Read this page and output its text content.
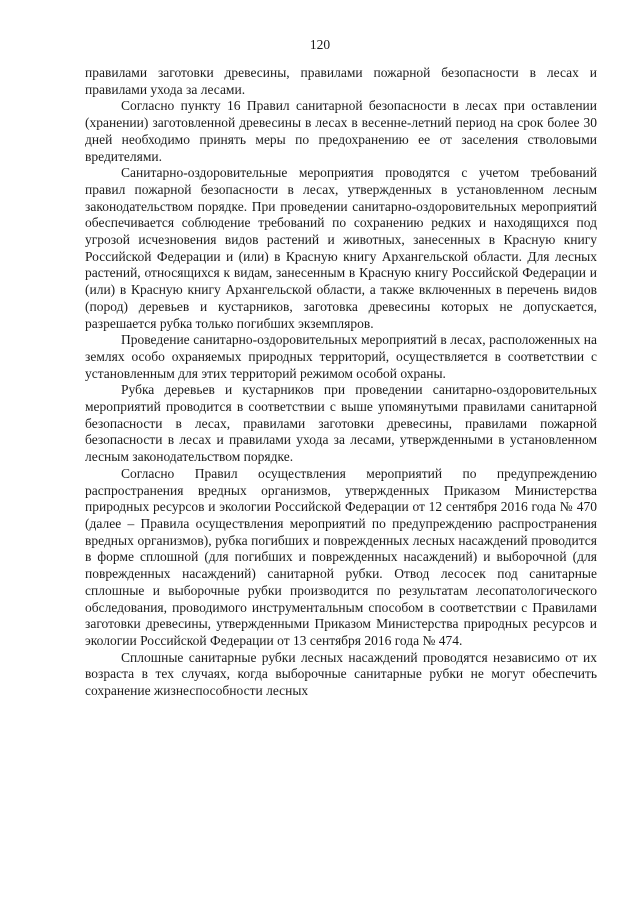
120

правилами заготовки древесины, правилами пожарной безопасности в лесах и правилами ухода за лесами.

Согласно пункту 16 Правил санитарной безопасности в лесах при оставлении (хранении) заготовленной древесины в лесах в весенне-летний период на срок более 30 дней необходимо принять меры по предохранению ее от заселения стволовыми вредителями.

Санитарно-оздоровительные мероприятия проводятся с учетом требований правил пожарной безопасности в лесах, утвержденных в установленном лесным законодательством порядке. При проведении санитарно-оздоровительных мероприятий обеспечивается соблюдение требований по сохранению редких и находящихся под угрозой исчезновения видов растений и животных, занесенных в Красную книгу Российской Федерации и (или) в Красную книгу Архангельской области. Для лесных растений, относящихся к видам, занесенным в Красную книгу Российской Федерации и (или) в Красную книгу Архангельской области, а также включенных в перечень видов (пород) деревьев и кустарников, заготовка древесины которых не допускается, разрешается рубка только погибших экземпляров.

Проведение санитарно-оздоровительных мероприятий в лесах, расположенных на землях особо охраняемых природных территорий, осуществляется в соответствии с установленным для этих территорий режимом особой охраны.

Рубка деревьев и кустарников при проведении санитарно-оздоровительных мероприятий проводится в соответствии с выше упомянутыми правилами санитарной безопасности в лесах, правилами заготовки древесины, правилами пожарной безопасности в лесах и правилами ухода за лесами, утвержденными в установленном лесным законодательством порядке.

Согласно Правил осуществления мероприятий по предупреждению распространения вредных организмов, утвержденных Приказом Министерства природных ресурсов и экологии Российской Федерации от 12 сентября 2016 года № 470 (далее – Правила осуществления мероприятий по предупреждению распространения вредных организмов), рубка погибших и поврежденных лесных насаждений проводится в форме сплошной (для погибших и поврежденных насаждений) и выборочной (для поврежденных насаждений) санитарной рубки. Отвод лесосек под санитарные сплошные и выборочные рубки производится по результатам лесопатологического обследования, проводимого инструментальным способом в соответствии с Правилами заготовки древесины, утвержденными Приказом Министерства природных ресурсов и экологии Российской Федерации от 13 сентября 2016 года № 474.

Сплошные санитарные рубки лесных насаждений проводятся независимо от их возраста в тех случаях, когда выборочные санитарные рубки не могут обеспечить сохранение жизнеспособности лесных
